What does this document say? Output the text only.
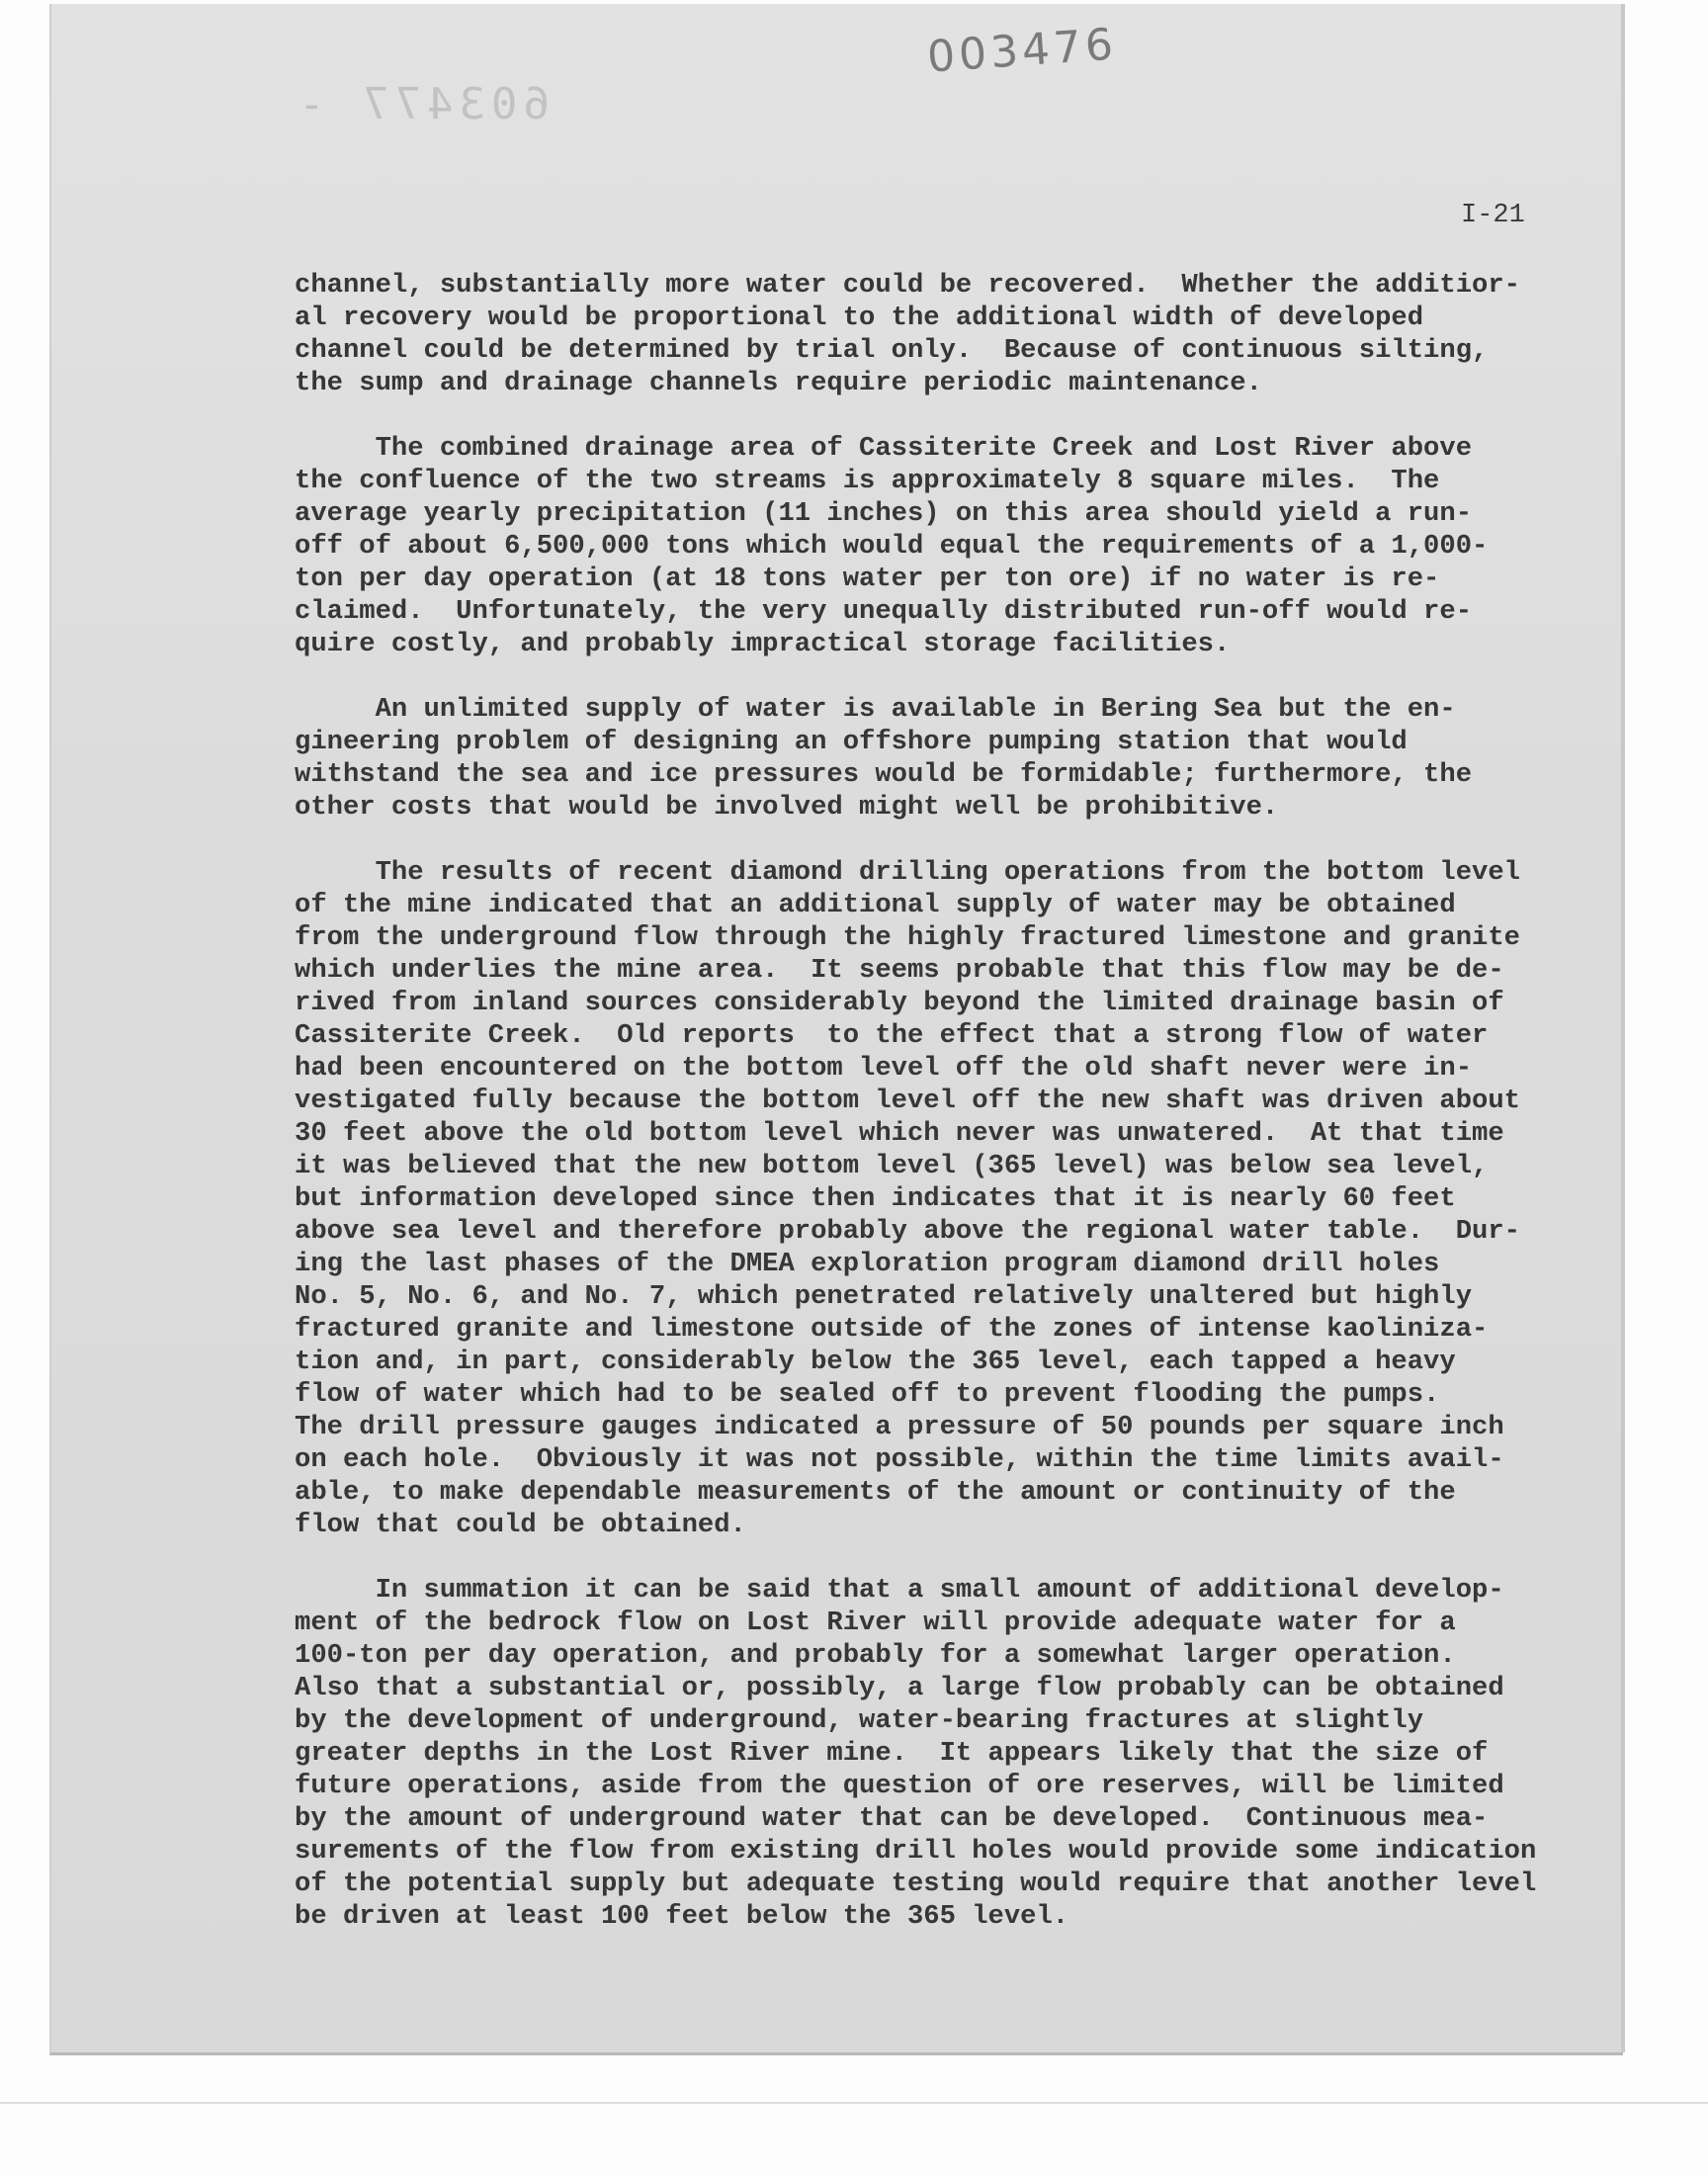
003476
603477 -
I-21
channel, substantially more water could be recovered.  Whether the additior-
al recovery would be proportional to the additional width of developed
channel could be determined by trial only.  Because of continuous silting,
the sump and drainage channels require periodic maintenance.
The combined drainage area of Cassiterite Creek and Lost River above
the confluence of the two streams is approximately 8 square miles.  The
average yearly precipitation (11 inches) on this area should yield a run-
off of about 6,500,000 tons which would equal the requirements of a 1,000-
ton per day operation (at 18 tons water per ton ore) if no water is re-
claimed.  Unfortunately, the very unequally distributed run-off would re-
quire costly, and probably impractical storage facilities.
An unlimited supply of water is available in Bering Sea but the en-
gineering problem of designing an offshore pumping station that would
withstand the sea and ice pressures would be formidable; furthermore, the
other costs that would be involved might well be prohibitive.
The results of recent diamond drilling operations from the bottom level
of the mine indicated that an additional supply of water may be obtained
from the underground flow through the highly fractured limestone and granite
which underlies the mine area.  It seems probable that this flow may be de-
rived from inland sources considerably beyond the limited drainage basin of
Cassiterite Creek.  Old reports  to the effect that a strong flow of water
had been encountered on the bottom level off the old shaft never were in-
vestigated fully because the bottom level off the new shaft was driven about
30 feet above the old bottom level which never was unwatered.  At that time
it was believed that the new bottom level (365 level) was below sea level,
but information developed since then indicates that it is nearly 60 feet
above sea level and therefore probably above the regional water table.  Dur-
ing the last phases of the DMEA exploration program diamond drill holes
No. 5, No. 6, and No. 7, which penetrated relatively unaltered but highly
fractured granite and limestone outside of the zones of intense kaoliniza-
tion and, in part, considerably below the 365 level, each tapped a heavy
flow of water which had to be sealed off to prevent flooding the pumps.
The drill pressure gauges indicated a pressure of 50 pounds per square inch
on each hole.  Obviously it was not possible, within the time limits avail-
able, to make dependable measurements of the amount or continuity of the
flow that could be obtained.
In summation it can be said that a small amount of additional develop-
ment of the bedrock flow on Lost River will provide adequate water for a
100-ton per day operation, and probably for a somewhat larger operation.
Also that a substantial or, possibly, a large flow probably can be obtained
by the development of underground, water-bearing fractures at slightly
greater depths in the Lost River mine.  It appears likely that the size of
future operations, aside from the question of ore reserves, will be limited
by the amount of underground water that can be developed.  Continuous mea-
surements of the flow from existing drill holes would provide some indication
of the potential supply but adequate testing would require that another level
be driven at least 100 feet below the 365 level.
